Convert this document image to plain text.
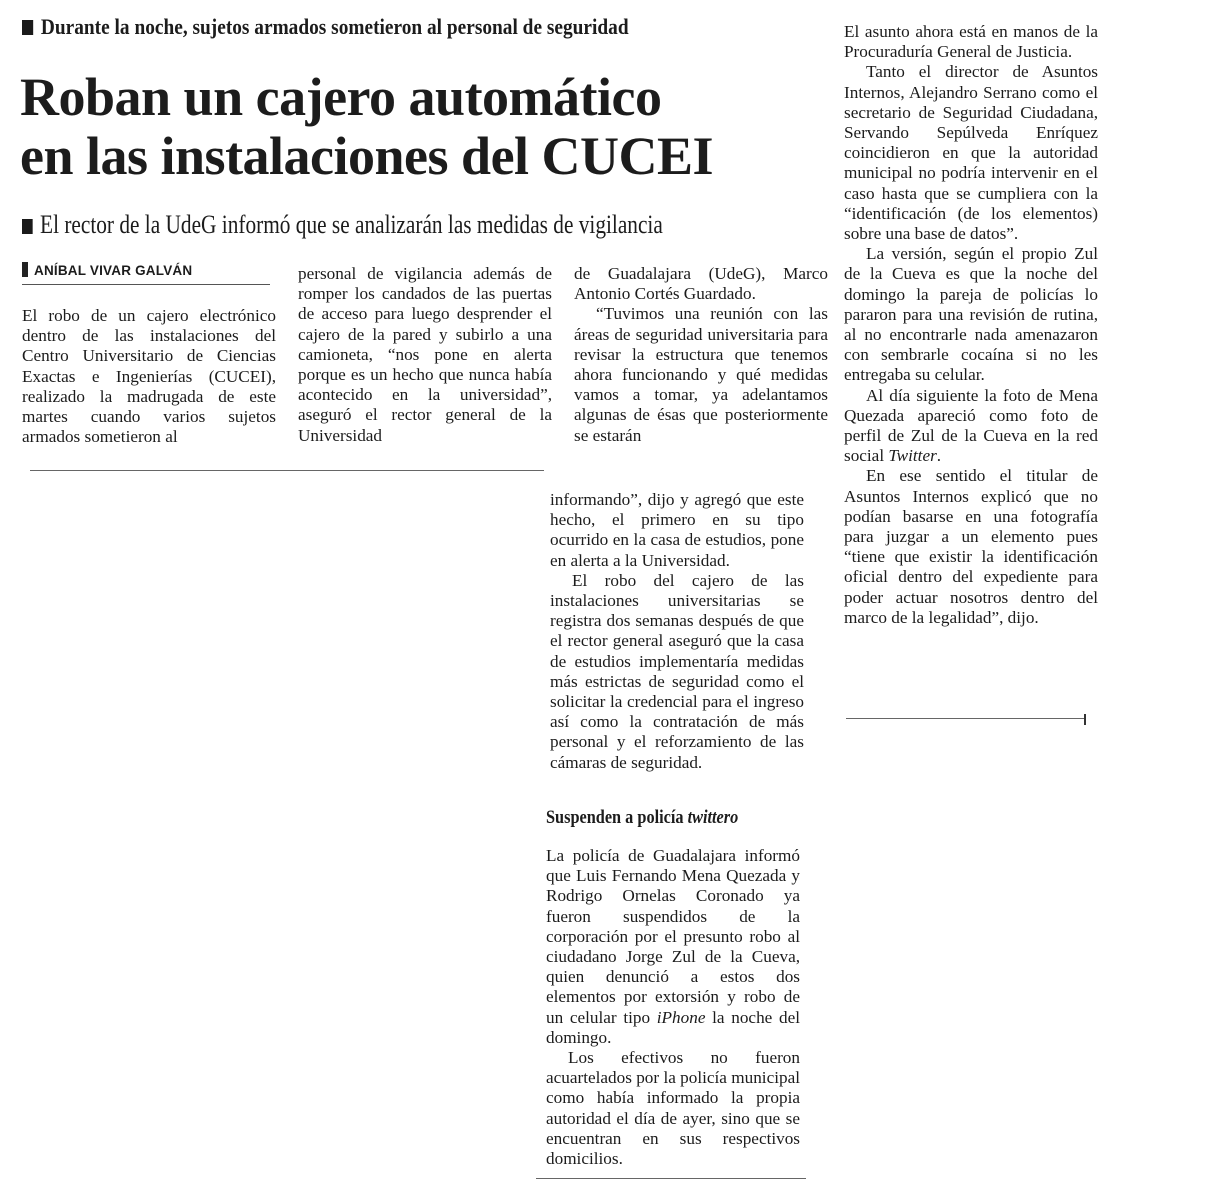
Durante la noche, sujetos armados sometieron al personal de seguridad
Roban un cajero automático
en las instalaciones del CUCEI
El rector de la UdeG informó que se analizarán las medidas de vigilancia
ANÍBAL VIVAR GALVÁN

El robo de un cajero electrónico dentro de las instalaciones del Centro Universitario de Ciencias Exactas e Ingenierías (CUCEI), realizado la madrugada de este martes cuando varios sujetos armados sometieron al

personal de vigilancia además de romper los candados de las puertas de acceso para luego desprender el cajero de la pared y subirlo a una camioneta, “nos pone en alerta porque es un hecho que nunca había acontecido en la universidad”, aseguró el rector general de la Universidad

de Guadalajara (UdeG), Marco Antonio Cortés Guardado.

“Tuvimos una reunión con las áreas de seguridad universitaria para revisar la estructura que tenemos ahora funcionando y qué medidas vamos a tomar, ya adelantamos algunas de ésas que posteriormente se estarán

informando”, dijo y agregó que este hecho, el primero en su tipo ocurrido en la casa de estudios, pone en alerta a la Universidad.

El robo del cajero de las instalaciones universitarias se registra dos semanas después de que el rector general aseguró que la casa de estudios implementaría medidas más estrictas de seguridad como el solicitar la credencial para el ingreso así como la contratación de más personal y el reforzamiento de las cámaras de seguridad.

Suspenden a policía twittero

La policía de Guadalajara informó que Luis Fernando Mena Quezada y Rodrigo Ornelas Coronado ya fueron suspendidos de la corporación por el presunto robo al ciudadano Jorge Zul de la Cueva, quien denunció a estos dos elementos por extorsión y robo de un celular tipo iPhone la noche del domingo.

Los efectivos no fueron acuartelados por la policía municipal como había informado la propia autoridad el día de ayer, sino que se encuentran en sus respectivos domicilios.

El asunto ahora está en manos de la Procuraduría General de Justicia.

Tanto el director de Asuntos Internos, Alejandro Serrano como el secretario de Seguridad Ciudadana, Servando Sepúlveda Enríquez coincidieron en que la autoridad municipal no podría intervenir en el caso hasta que se cumpliera con la “identificación (de los elementos) sobre una base de datos”.

La versión, según el propio Zul de la Cueva es que la noche del domingo la pareja de policías lo pararon para una revisión de rutina, al no encontrarle nada amenazaron con sembrarle cocaína si no les entregaba su celular.

Al día siguiente la foto de Mena Quezada apareció como foto de perfil de Zul de la Cueva en la red social Twitter.

En ese sentido el titular de Asuntos Internos explicó que no podían basarse en una fotografía para juzgar a un elemento pues “tiene que existir la identificación oficial dentro del expediente para poder actuar nosotros dentro del marco de la legalidad”, dijo.
